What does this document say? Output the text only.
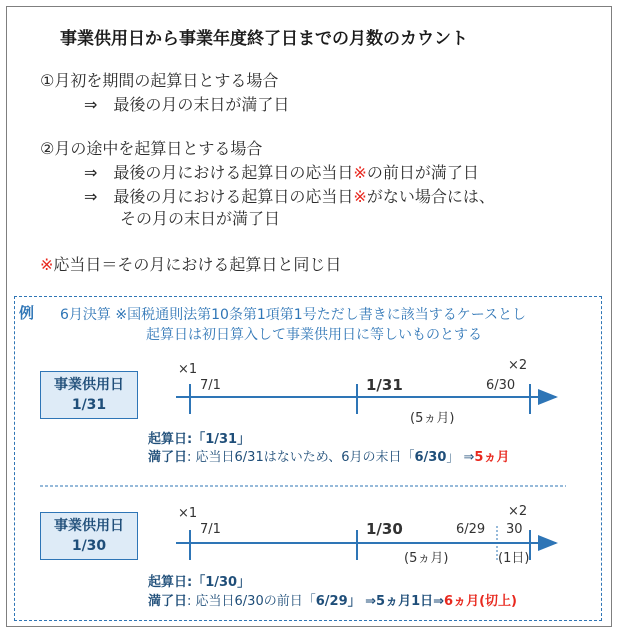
事業供用日から事業年度終了日までの月数のカウント
①月初を期間の起算日とする場合
⇒　最後の月の末日が満了日
②月の途中を起算日とする場合
⇒　最後の月における起算日の応当日※の前日が満了日
⇒　最後の月における起算日の応当日※がない場合には、
その月の末日が満了日
※応当日＝その月における起算日と同じ日
例 6月決算 ※国税通則法第10条第1項第1号ただし書きに該当するケースとし
起算日は初日算入して事業供用日に等しいものとする
事業供用日
1/31
×1	×2
7/1	1/31	6/30
(5ヵ月)
起算日:「1/31」
満了日: 応当日6/31はないため、6月の末日「6/30」 ⇒5ヵ月
事業供用日
1/30
×1	×2
7/1	1/30	6/29 30
(5ヵ月)	(1日)
起算日:「1/30」
満了日: 応当日6/30の前日「6/29」 ⇒5ヵ月1日⇒6ヵ月(切上)
